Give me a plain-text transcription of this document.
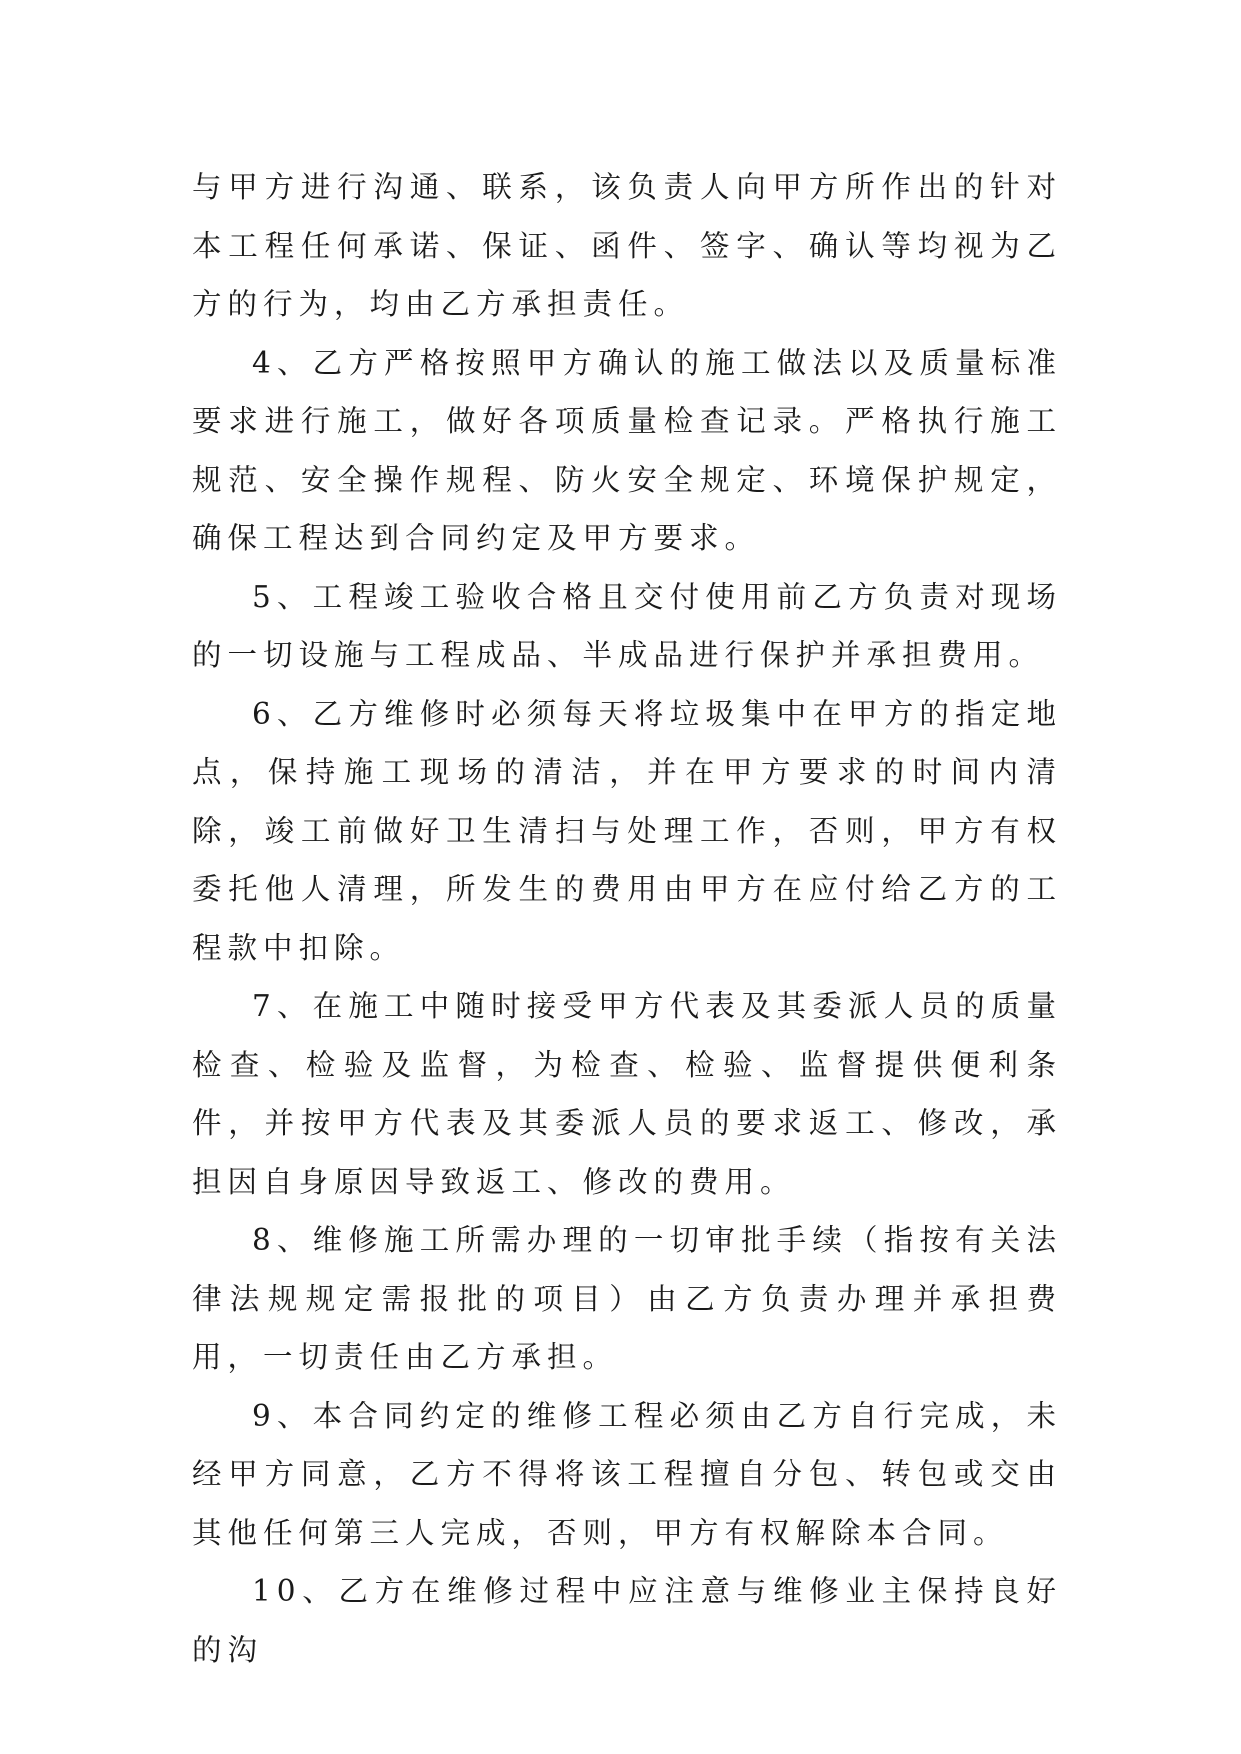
与甲方进行沟通、联系，该负责人向甲方所作出的针对本工程任何承诺、保证、函件、签字、确认等均视为乙方的行为，均由乙方承担责任。

4、乙方严格按照甲方确认的施工做法以及质量标准要求进行施工，做好各项质量检查记录。严格执行施工规范、安全操作规程、防火安全规定、环境保护规定，确保工程达到合同约定及甲方要求。

5、工程竣工验收合格且交付使用前乙方负责对现场的一切设施与工程成品、半成品进行保护并承担费用。

6、乙方维修时必须每天将垃圾集中在甲方的指定地点，保持施工现场的清洁，并在甲方要求的时间内清除，竣工前做好卫生清扫与处理工作，否则，甲方有权委托他人清理，所发生的费用由甲方在应付给乙方的工程款中扣除。

7、在施工中随时接受甲方代表及其委派人员的质量检查、检验及监督，为检查、检验、监督提供便利条件，并按甲方代表及其委派人员的要求返工、修改，承担因自身原因导致返工、修改的费用。

8、维修施工所需办理的一切审批手续（指按有关法律法规规定需报批的项目）由乙方负责办理并承担费用，一切责任由乙方承担。

9、本合同约定的维修工程必须由乙方自行完成，未经甲方同意，乙方不得将该工程擅自分包、转包或交由其他任何第三人完成，否则，甲方有权解除本合同。

10、乙方在维修过程中应注意与维修业主保持良好的沟
